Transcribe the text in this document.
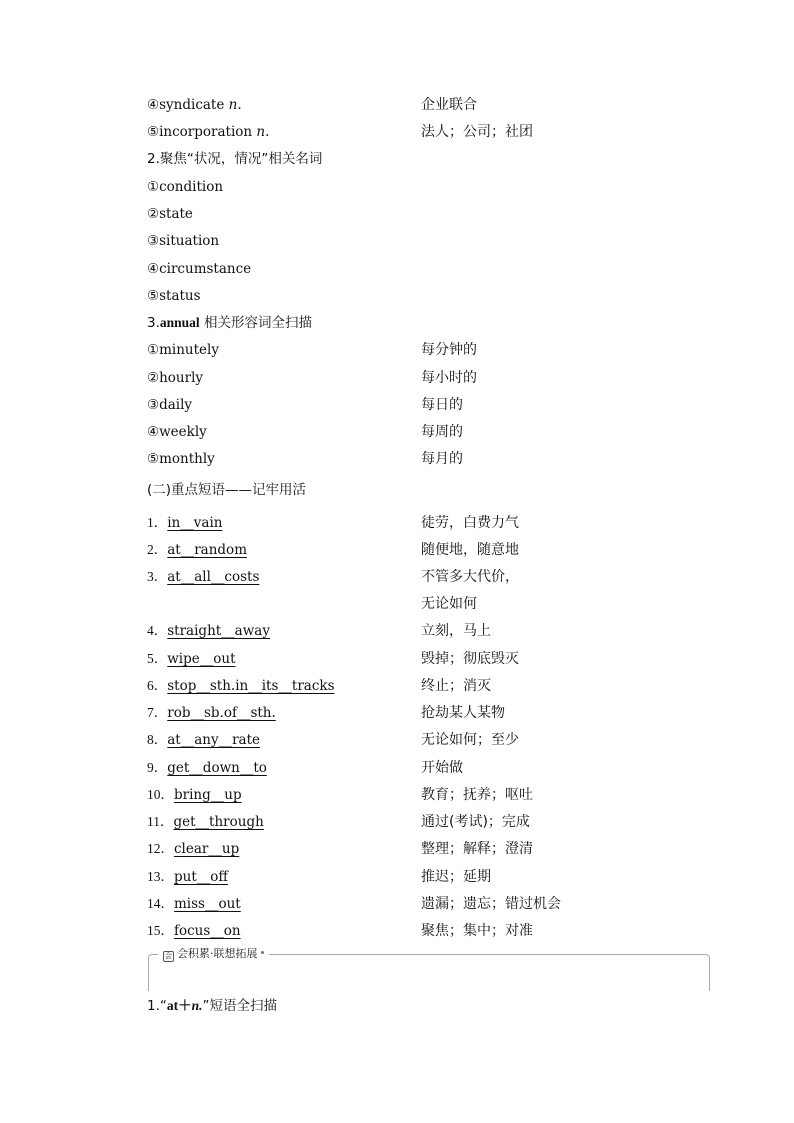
④syndicate n.	企业联合
⑤incorporation n.	法人；公司；社团
2.聚焦“状况，情况”相关名词
①condition
②state
③situation
④circumstance
⑤status
3.annual 相关形容词全扫描
①minutely	每分钟的
②hourly	每小时的
③daily	每日的
④weekly	每周的
⑤monthly	每月的
(二)重点短语——记牢用活
1．in__vain	徒劳，白费力气
2．at__random	随便地，随意地
3．at__all__costs	不管多大代价，
无论如何
4．straight__away	立刻，马上
5．wipe__out	毁掉；彻底毁灭
6．stop__sth.in__its__tracks	终止；消灭
7．rob__sb.of__sth.	抢劫某人某物
8．at__any__rate	无论如何；至少
9．get__down__to	开始做
10．bring__up	教育；抚养；呕吐
11．get__through	通过(考试)；完成
12．clear__up	整理；解释；澄清
13．put__off	推迟；延期
14．miss__out	遗漏；遗忘；错过机会
15．focus__on	聚焦；集中；对准
会 会积累·联想拓展
1.“at＋n.”短语全扫描
